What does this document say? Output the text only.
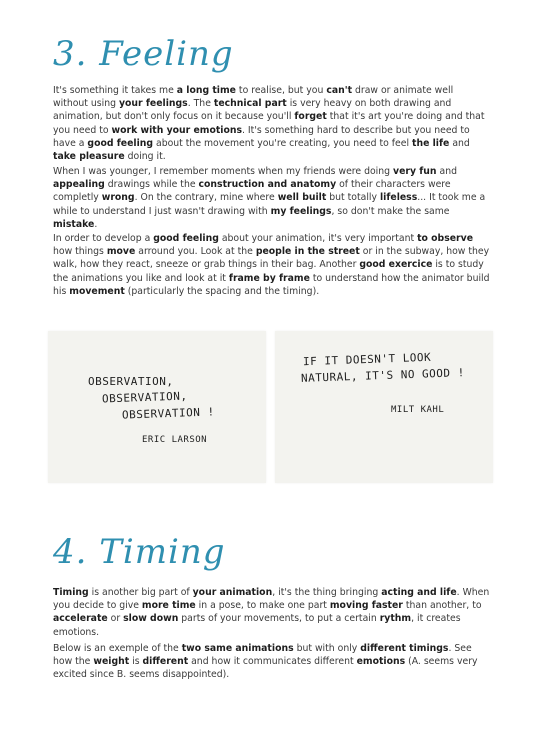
3. Feeling

It's something it takes me a long time to realise, but you can't draw or animate well without using your feelings. The technical part is very heavy on both drawing and animation, but don't only focus on it because you'll forget that it's art you're doing and that you need to work with your emotions. It's something hard to describe but you need to have a good feeling about the movement you're creating, you need to feel the life and take pleasure doing it.

When I was younger, I remember moments when my friends were doing very fun and appealing drawings while the construction and anatomy of their characters were completly wrong. On the contrary, mine where well built but totally lifeless... It took me a while to understand I just wasn't drawing with my feelings, so don't make the same mistake.

In order to develop a good feeling about your animation, it's very important to observe how things move arround you. Look at the people in the street or in the subway, how they walk, how they react, sneeze or grab things in their bag. Another good exercice is to study the animations you like and look at it frame by frame to understand how the animator build his movement (particularly the spacing and the timing).

OBSERVATION,
OBSERVATION,
OBSERVATION !
ERIC LARSON
IF IT DOESN'T LOOK
NATURAL, IT'S NO GOOD !
MILT KAHL
4. Timing

Timing is another big part of your animation, it's the thing bringing acting and life. When you decide to give more time in a pose, to make one part moving faster than another, to accelerate or slow down parts of your movements, to put a certain rythm, it creates emotions.

Below is an exemple of the two same animations but with only different timings. See how the weight is different and how it communicates different emotions (A. seems very excited since B. seems disappointed).
